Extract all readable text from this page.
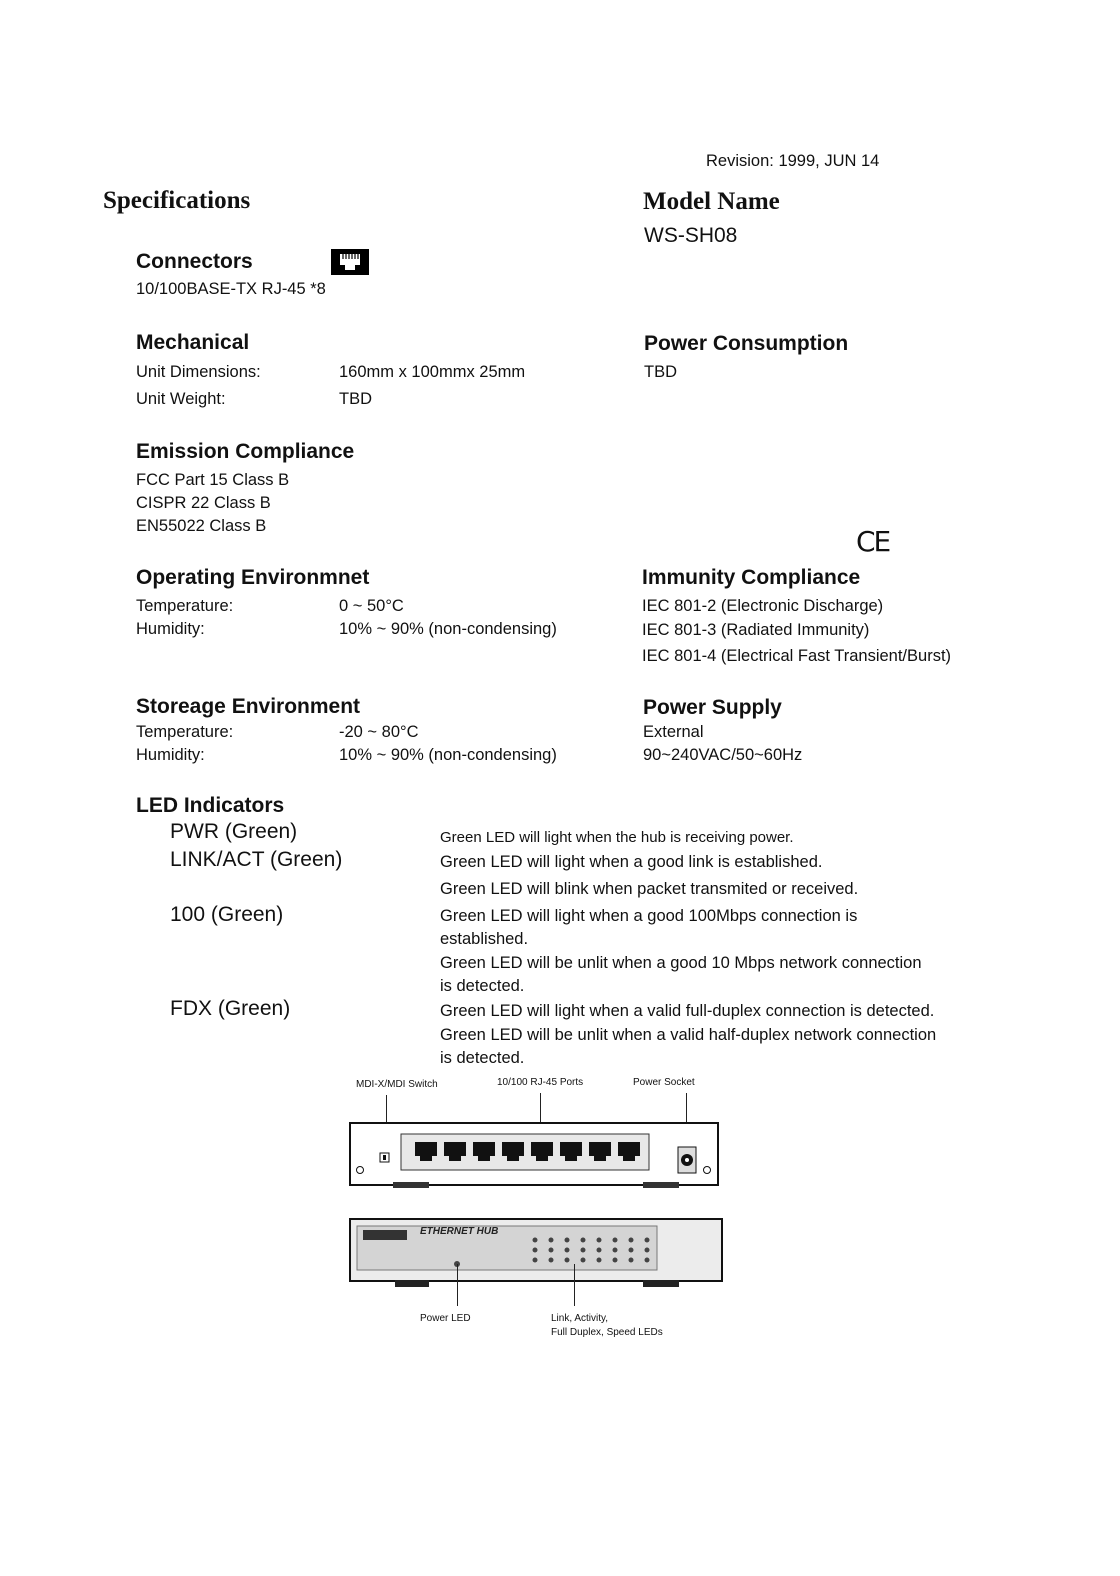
Revision: 1999, JUN 14
Specifications	Model Name
WS-SH08
Connectors
10/100BASE-TX RJ-45 *8
Mechanical
Unit Dimensions:	160mm x 100mmx 25mm
Unit Weight:	TBD
Power Consumption
TBD
Emission Compliance
FCC Part 15 Class B
CISPR 22 Class B
EN55022 Class B	CE
Operating Environmnet
Temperature:	0 ~ 50°C
Humidity:	10% ~ 90% (non-condensing)
Immunity Compliance
IEC 801-2 (Electronic Discharge)
IEC 801-3 (Radiated Immunity)
IEC 801-4 (Electrical Fast Transient/Burst)
Storeage Environment
Temperature:	-20 ~ 80°C
Humidity:	10% ~ 90% (non-condensing)
Power Supply
External
90~240VAC/50~60Hz
LED Indicators
PWR (Green)	Green LED will light when the hub is receiving power.
LINK/ACT (Green)	Green LED will light when a good link is established.
Green LED will blink when packet transmited or received.
100 (Green)	Green LED will light when a good 100Mbps connection is
established.
Green LED will be unlit when a good 10 Mbps network connection
is detected.
FDX (Green)	Green LED will light when a valid full-duplex connection is detected.
Green LED will be unlit when a valid half-duplex network connection
is detected.
MDI-X/MDI Switch	10/100 RJ-45 Ports	Power Socket
ETHERNET HUB
Power LED	Link, Activity,
Full Duplex, Speed LEDs
